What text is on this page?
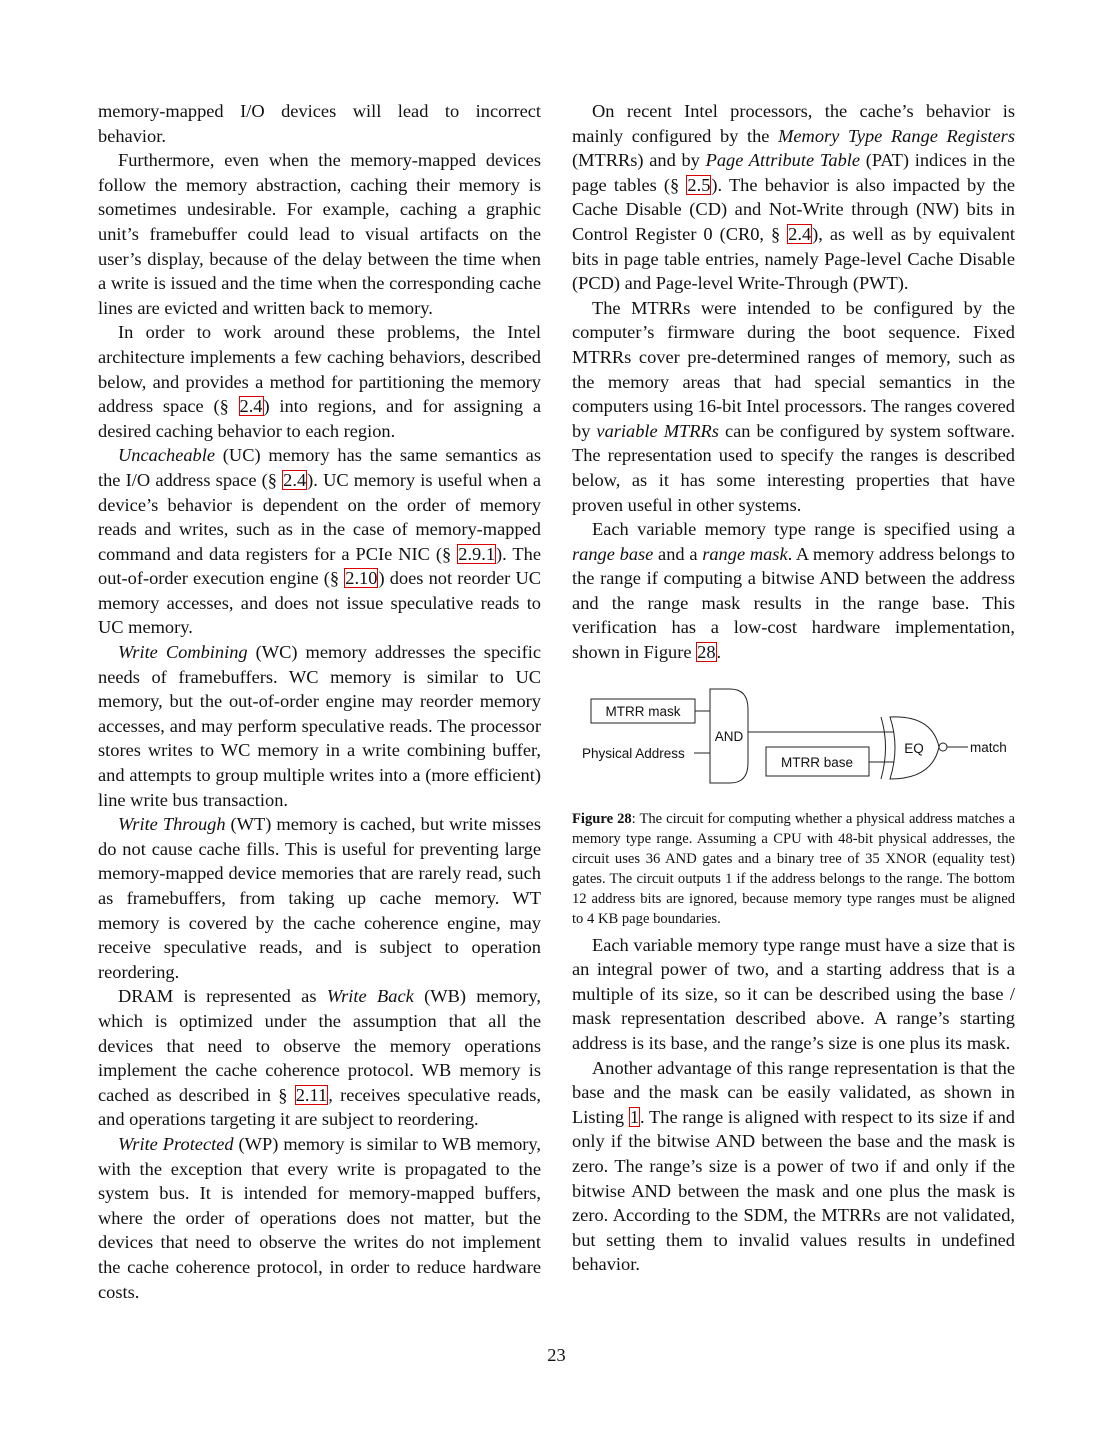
memory-mapped I/O devices will lead to incorrect behavior.

Furthermore, even when the memory-mapped devices follow the memory abstraction, caching their memory is sometimes undesirable. For example, caching a graphic unit’s framebuffer could lead to visual artifacts on the user’s display, because of the delay between the time when a write is issued and the time when the corresponding cache lines are evicted and written back to memory.

In order to work around these problems, the Intel architecture implements a few caching behaviors, described below, and provides a method for partitioning the memory address space (§ 2.4) into regions, and for assigning a desired caching behavior to each region.

Uncacheable (UC) memory has the same semantics as the I/O address space (§ 2.4). UC memory is useful when a device’s behavior is dependent on the order of memory reads and writes, such as in the case of memory-mapped command and data registers for a PCIe NIC (§ 2.9.1). The out-of-order execution engine (§ 2.10) does not reorder UC memory accesses, and does not issue speculative reads to UC memory.

Write Combining (WC) memory addresses the specific needs of framebuffers. WC memory is similar to UC memory, but the out-of-order engine may reorder memory accesses, and may perform speculative reads. The processor stores writes to WC memory in a write combining buffer, and attempts to group multiple writes into a (more efficient) line write bus transaction.

Write Through (WT) memory is cached, but write misses do not cause cache fills. This is useful for preventing large memory-mapped device memories that are rarely read, such as framebuffers, from taking up cache memory. WT memory is covered by the cache coherence engine, may receive speculative reads, and is subject to operation reordering.

DRAM is represented as Write Back (WB) memory, which is optimized under the assumption that all the devices that need to observe the memory operations implement the cache coherence protocol. WB memory is cached as described in § 2.11, receives speculative reads, and operations targeting it are subject to reordering.

Write Protected (WP) memory is similar to WB memory, with the exception that every write is propagated to the system bus. It is intended for memory-mapped buffers, where the order of operations does not matter, but the devices that need to observe the writes do not implement the cache coherence protocol, in order to reduce hardware costs.

On recent Intel processors, the cache’s behavior is mainly configured by the Memory Type Range Registers (MTRRs) and by Page Attribute Table (PAT) indices in the page tables (§ 2.5). The behavior is also impacted by the Cache Disable (CD) and Not-Write through (NW) bits in Control Register 0 (CR0, § 2.4), as well as by equivalent bits in page table entries, namely Page-level Cache Disable (PCD) and Page-level Write-Through (PWT).

The MTRRs were intended to be configured by the computer’s firmware during the boot sequence. Fixed MTRRs cover pre-determined ranges of memory, such as the memory areas that had special semantics in the computers using 16-bit Intel processors. The ranges covered by variable MTRRs can be configured by system software. The representation used to specify the ranges is described below, as it has some interesting properties that have proven useful in other systems.

Each variable memory type range is specified using a range base and a range mask. A memory address belongs to the range if computing a bitwise AND between the address and the range mask results in the range base. This verification has a low-cost hardware implementation, shown in Figure 28.

MTRR mask
Physical Address
AND
MTRR base
EQ	match
Figure 28: The circuit for computing whether a physical address matches a memory type range. Assuming a CPU with 48-bit physical addresses, the circuit uses 36 AND gates and a binary tree of 35 XNOR (equality test) gates. The circuit outputs 1 if the address belongs to the range. The bottom 12 address bits are ignored, because memory type ranges must be aligned to 4 KB page boundaries.

Each variable memory type range must have a size that is an integral power of two, and a starting address that is a multiple of its size, so it can be described using the base / mask representation described above. A range’s starting address is its base, and the range’s size is one plus its mask.

Another advantage of this range representation is that the base and the mask can be easily validated, as shown in Listing 1. The range is aligned with respect to its size if and only if the bitwise AND between the base and the mask is zero. The range’s size is a power of two if and only if the bitwise AND between the mask and one plus the mask is zero. According to the SDM, the MTRRs are not validated, but setting them to invalid values results in undefined behavior.

23
